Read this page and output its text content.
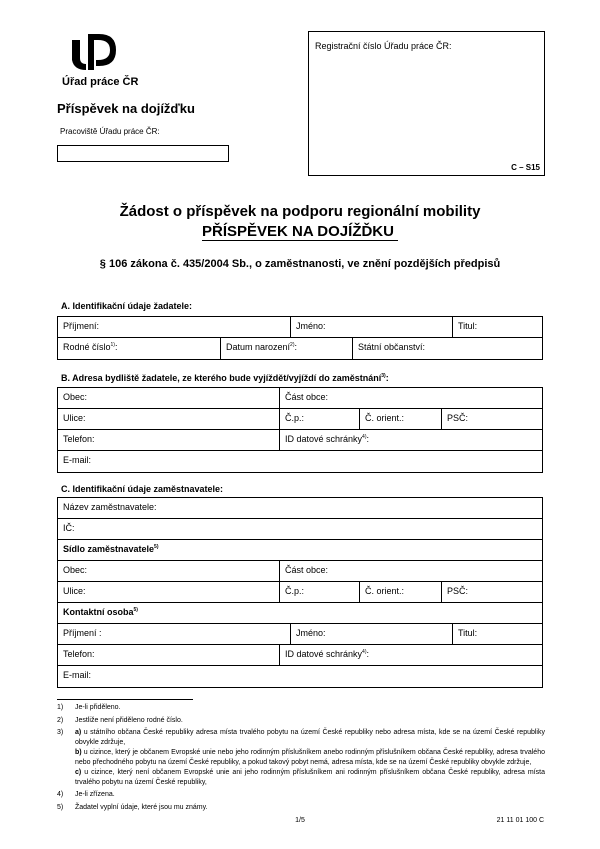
Úřad práce ČR
Příspěvek na dojížďku
Pracoviště Úřadu práce ČR:
Registrační číslo Úřadu práce ČR:
C – S15
Žádost o příspěvek na podporu regionální mobility
PŘÍSPĚVEK NA DOJÍŽĎKU
§ 106 zákona č. 435/2004 Sb., o zaměstnanosti, ve znění pozdějších předpisů
A. Identifikační údaje žadatele:
Příjmení:	Jméno:	Titul:
Rodné číslo$^{1)}$:	Datum narození$^{2)}$:	Státní občanství:
B. Adresa bydliště žadatele, ze kterého bude vyjíždět/vyjíždí do zaměstnání$^{3)}$:
Obec:	Část obce:
Ulice:	Č.p.:	Č. orient.:	PSČ:
Telefon:	ID datové schránky$^{4)}$:
E-mail:
C. Identifikační údaje zaměstnavatele:
Název zaměstnavatele:
IČ:
Sídlo zaměstnavatele$^{5)}$
Obec:	Část obce:
Ulice:	Č.p.:	Č. orient.:	PSČ:
Kontaktní osoba$^{5)}$
Příjmení :	Jméno:	Titul:
Telefon:	ID datové schránky$^{4)}$:
E-mail:
1)	Je-li přiděleno.
2)	Jestliže není přiděleno rodné číslo.
3)	a) u státního občana České republiky adresa místa trvalého pobytu na území České republiky nebo adresa místa, kde se na území České republiky obvykle zdržuje,
b) u cizince, který je občanem Evropské unie nebo jeho rodinným příslušníkem anebo rodinným příslušníkem občana České republiky, adresa trvalého nebo přechodného pobytu na území České republiky, a pokud takový pobyt nemá, adresa místa, kde se na území České republiky obvykle zdržuje,
c) u cizince, který není občanem Evropské unie ani jeho rodinným příslušníkem ani rodinným příslušníkem občana České republiky, adresa místa trvalého pobytu na území České republiky,
4)	Je-li zřízena.
5)	Žadatel vyplní údaje, které jsou mu známy.
1/5	21 11 01 100 C
